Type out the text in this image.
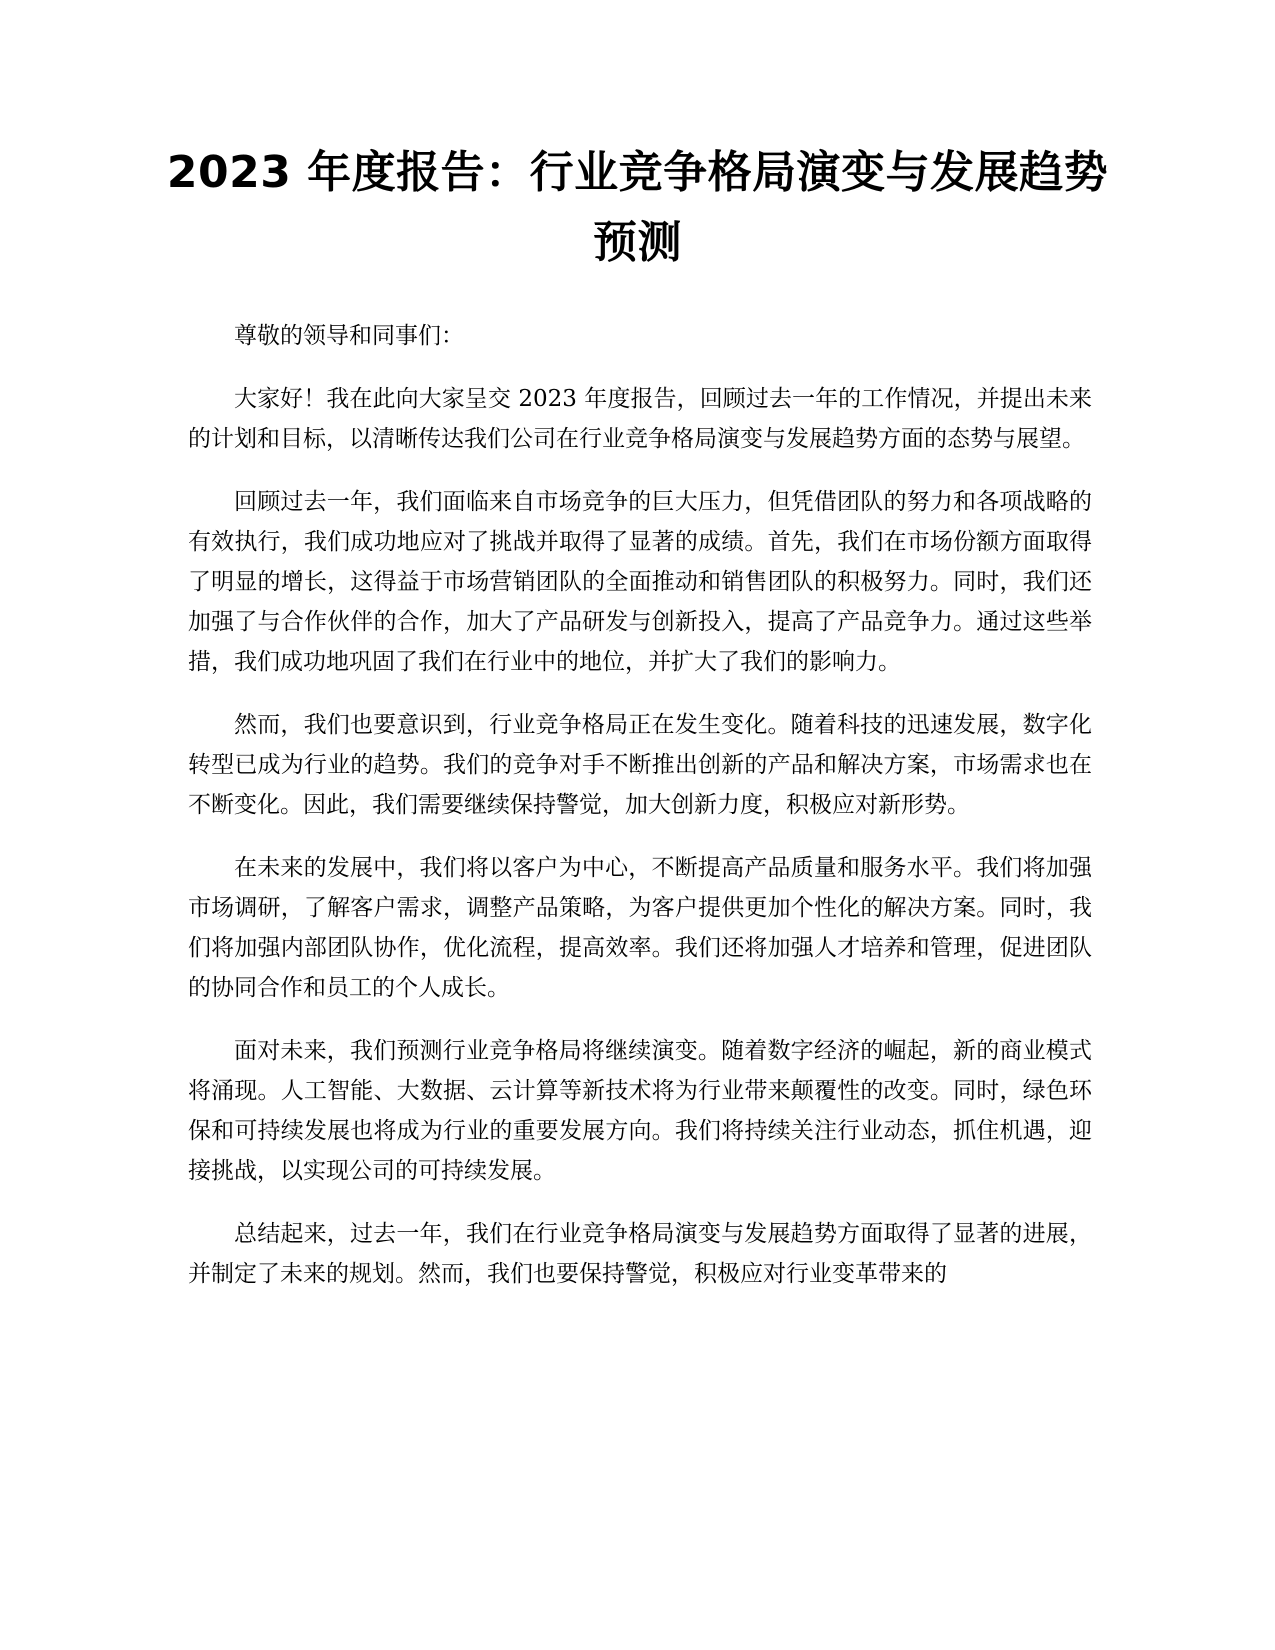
2023 年度报告：行业竞争格局演变与发展趋势预测

尊敬的领导和同事们：

大家好！我在此向大家呈交 2023 年度报告，回顾过去一年的工作情况，并提出未来的计划和目标，以清晰传达我们公司在行业竞争格局演变与发展趋势方面的态势与展望。

回顾过去一年，我们面临来自市场竞争的巨大压力，但凭借团队的努力和各项战略的有效执行，我们成功地应对了挑战并取得了显著的成绩。首先，我们在市场份额方面取得了明显的增长，这得益于市场营销团队的全面推动和销售团队的积极努力。同时，我们还加强了与合作伙伴的合作，加大了产品研发与创新投入，提高了产品竞争力。通过这些举措，我们成功地巩固了我们在行业中的地位，并扩大了我们的影响力。

然而，我们也要意识到，行业竞争格局正在发生变化。随着科技的迅速发展，数字化转型已成为行业的趋势。我们的竞争对手不断推出创新的产品和解决方案，市场需求也在不断变化。因此，我们需要继续保持警觉，加大创新力度，积极应对新形势。

在未来的发展中，我们将以客户为中心，不断提高产品质量和服务水平。我们将加强市场调研，了解客户需求，调整产品策略，为客户提供更加个性化的解决方案。同时，我们将加强内部团队协作，优化流程，提高效率。我们还将加强人才培养和管理，促进团队的协同合作和员工的个人成长。

面对未来，我们预测行业竞争格局将继续演变。随着数字经济的崛起，新的商业模式将涌现。人工智能、大数据、云计算等新技术将为行业带来颠覆性的改变。同时，绿色环保和可持续发展也将成为行业的重要发展方向。我们将持续关注行业动态，抓住机遇，迎接挑战，以实现公司的可持续发展。

总结起来，过去一年，我们在行业竞争格局演变与发展趋势方面取得了显著的进展，并制定了未来的规划。然而，我们也要保持警觉，积极应对行业变革带来的
